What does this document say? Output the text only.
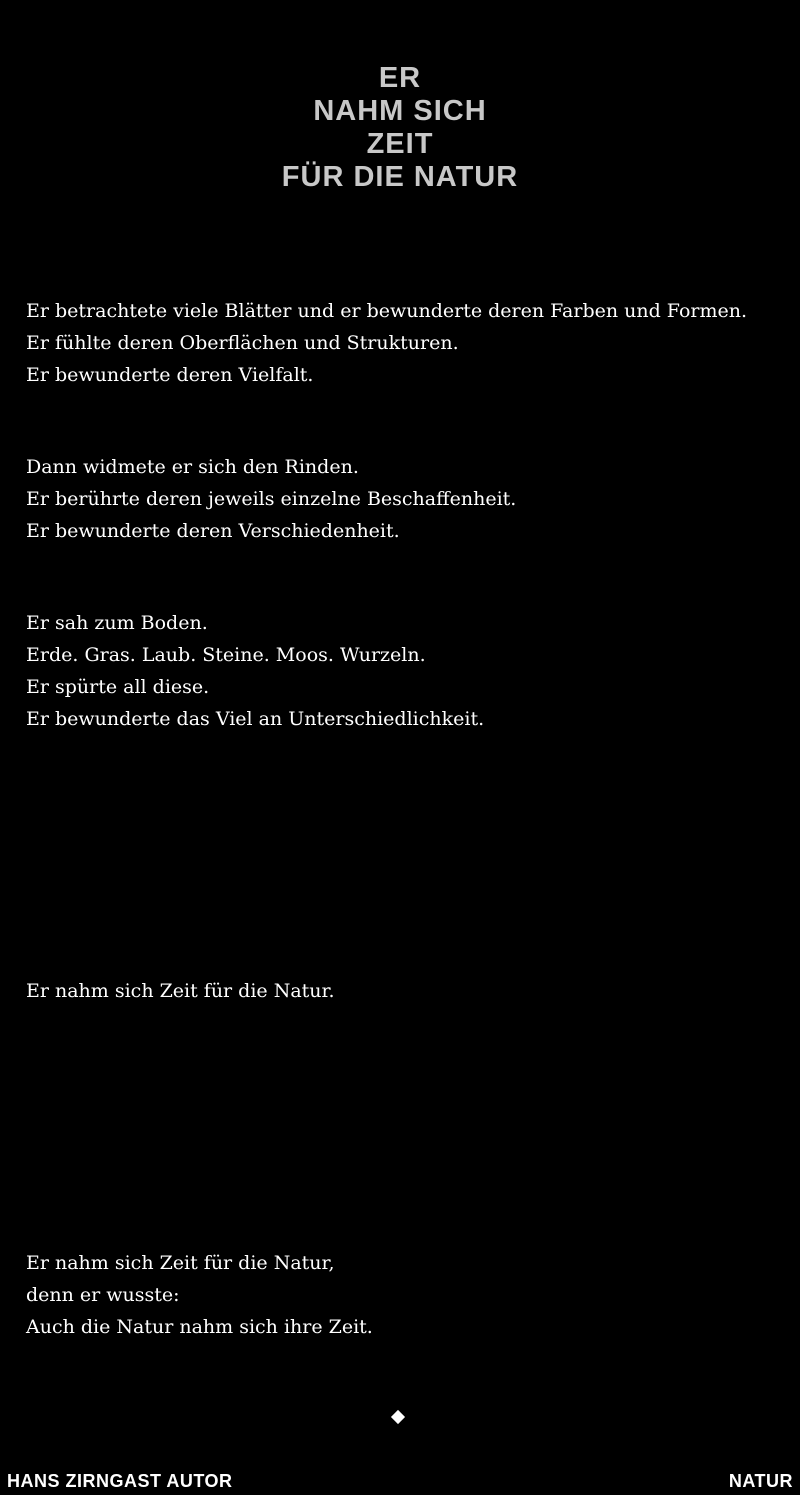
ER
NAHM SICH
ZEIT
FÜR DIE NATUR
Er betrachtete viele Blätter und er bewunderte deren Farben und Formen.
Er fühlte deren Oberflächen und Strukturen.
Er bewunderte deren Vielfalt.
Dann widmete er sich den Rinden.
Er berührte deren jeweils einzelne Beschaffenheit.
Er bewunderte deren Verschiedenheit.
Er sah zum Boden.
Erde. Gras. Laub. Steine. Moos. Wurzeln.
Er spürte all diese.
Er bewunderte das Viel an Unterschiedlichkeit.
Er nahm sich Zeit für die Natur.
Er nahm sich Zeit für die Natur,
denn er wusste:
Auch die Natur nahm sich ihre Zeit.
HANS ZIRNGAST AUTOR	NATUR
